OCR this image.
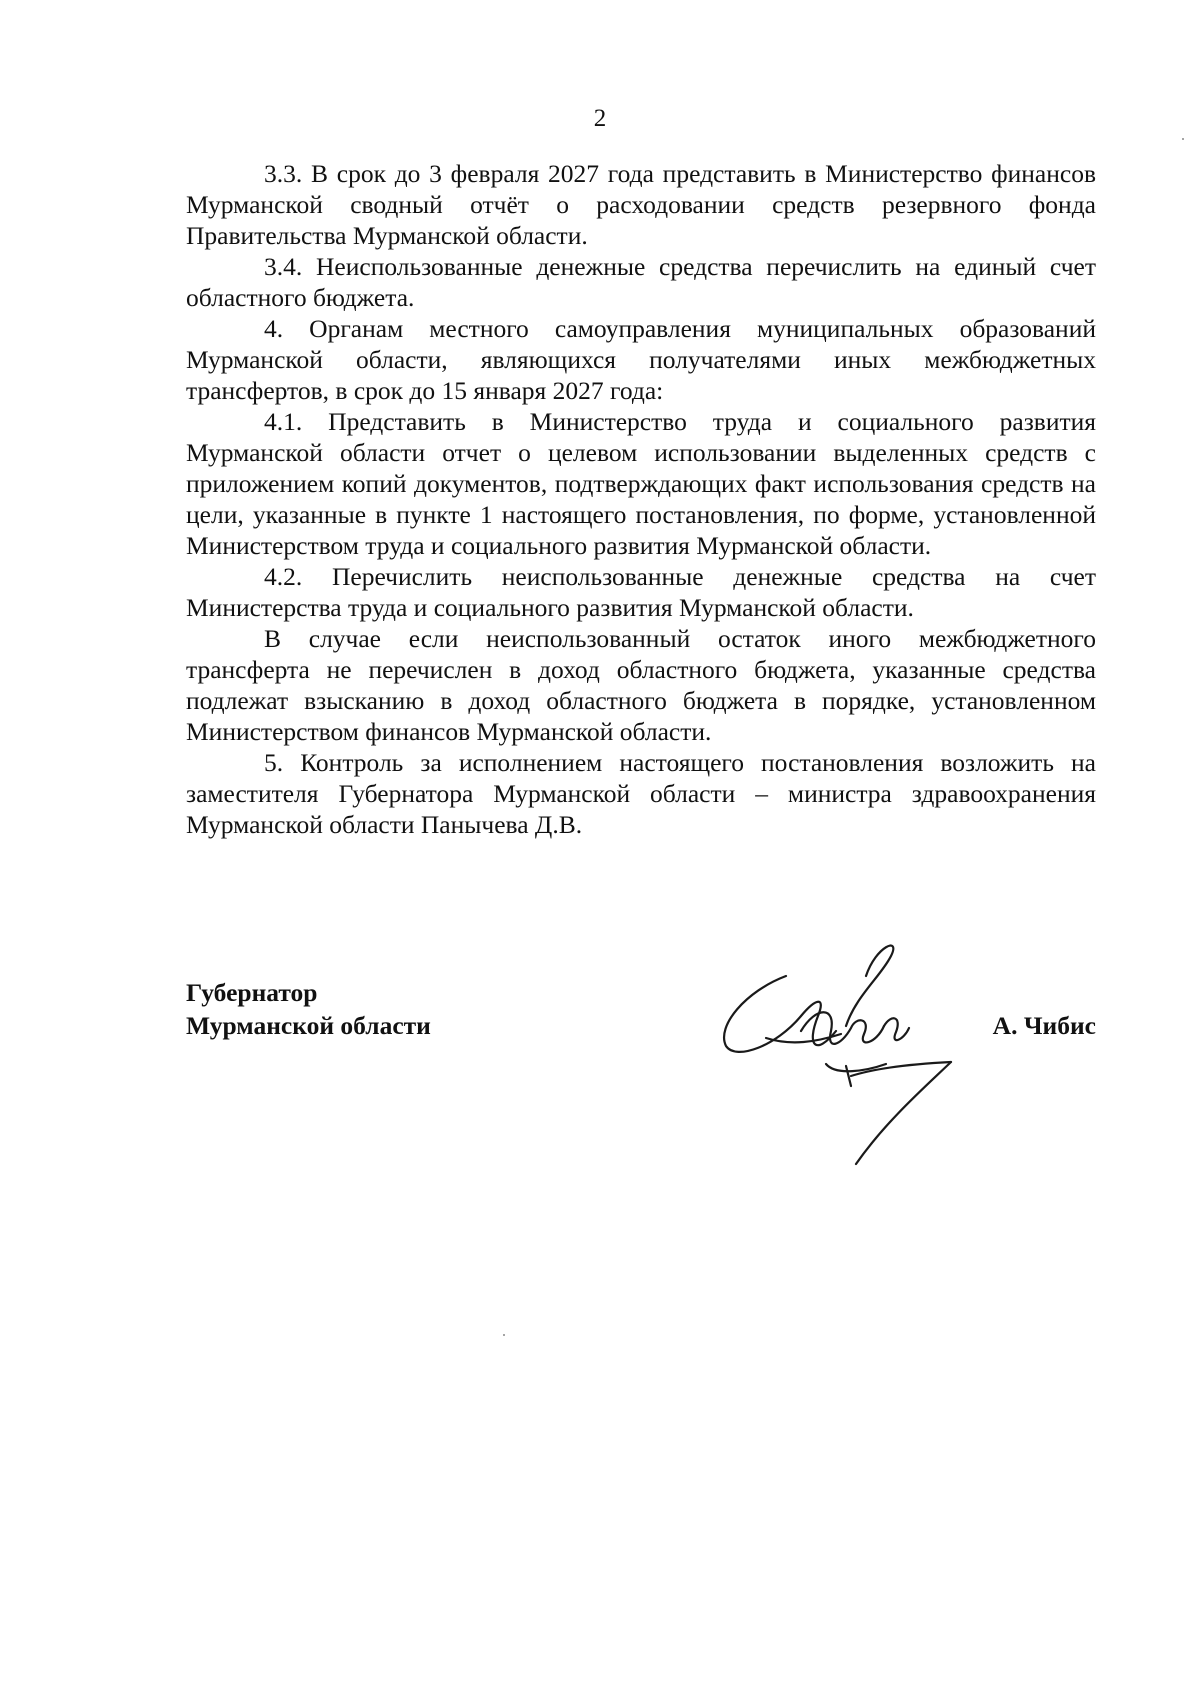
2

3.3. В срок до 3 февраля 2027 года представить в Министерство финансов Мурманской сводный отчёт о расходовании средств резервного фонда Правительства Мурманской области.

3.4. Неиспользованные денежные средства перечислить на единый счет областного бюджета.

4. Органам местного самоуправления муниципальных образований Мурманской области, являющихся получателями иных межбюджетных трансфертов, в срок до 15 января 2027 года:

4.1. Представить в Министерство труда и социального развития Мурманской области отчет о целевом использовании выделенных средств с приложением копий документов, подтверждающих факт использования средств на цели, указанные в пункте 1 настоящего постановления, по форме, установленной Министерством труда и социального развития Мурманской области.

4.2. Перечислить неиспользованные денежные средства на счет Министерства труда и социального развития Мурманской области.

В случае если неиспользованный остаток иного межбюджетного трансферта не перечислен в доход областного бюджета, указанные средства подлежат взысканию в доход областного бюджета в порядке, установленном Министерством финансов Мурманской области.

5. Контроль за исполнением настоящего постановления возложить на заместителя Губернатора Мурманской области – министра здравоохранения Мурманской области Панычева Д.В.

Губернатор
Мурманской области	А. Чибис
